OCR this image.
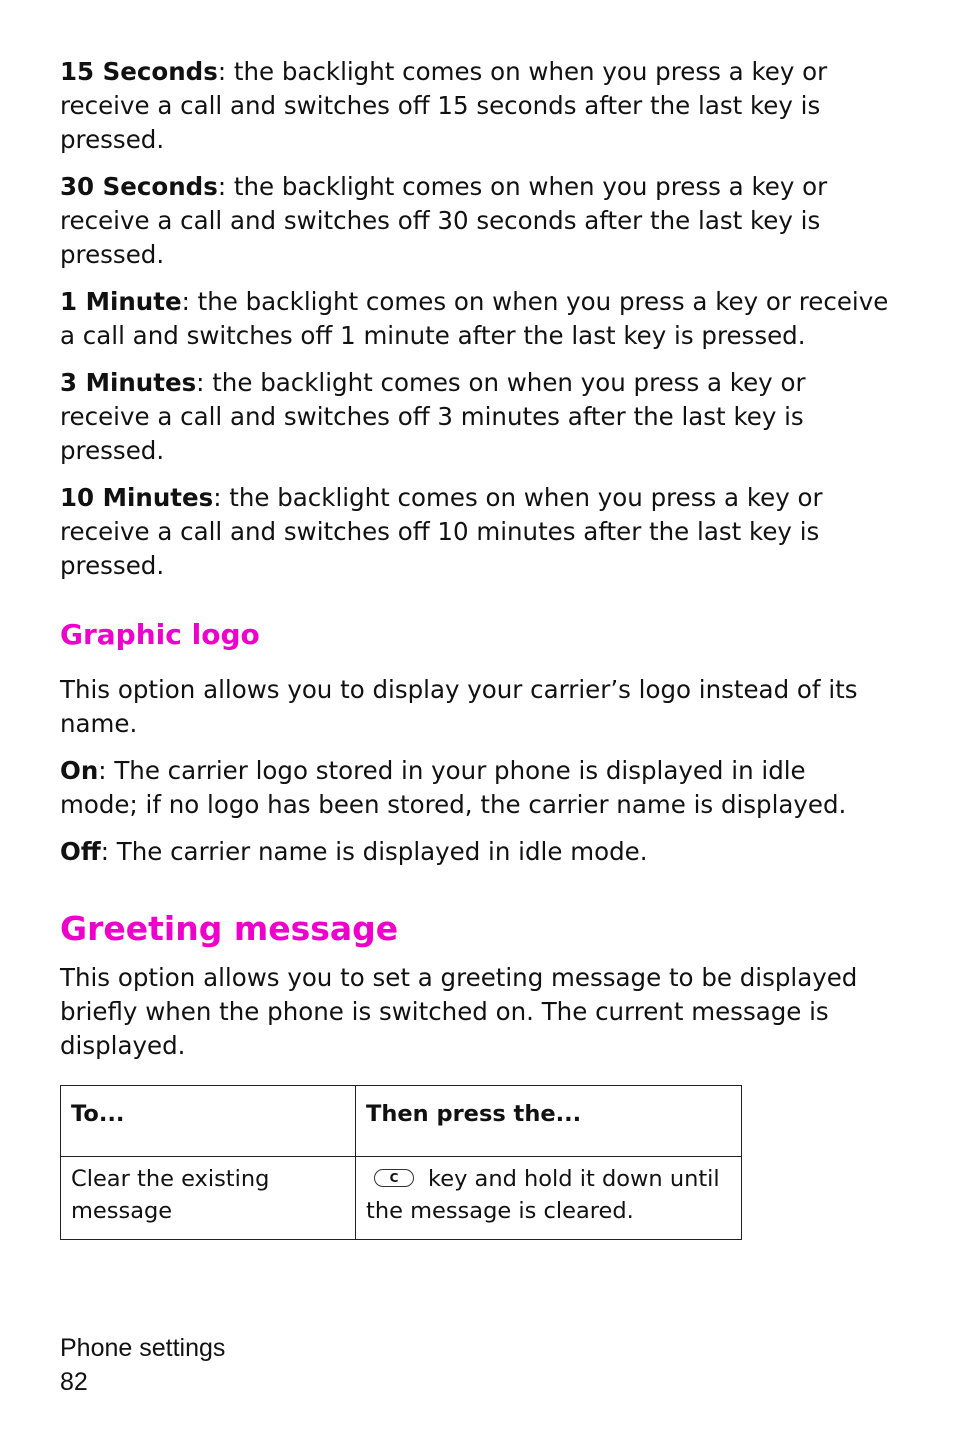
15 Seconds: the backlight comes on when you press a key or receive a call and switches off 15 seconds after the last key is pressed.

30 Seconds: the backlight comes on when you press a key or receive a call and switches off 30 seconds after the last key is pressed.

1 Minute: the backlight comes on when you press a key or receive a call and switches off 1 minute after the last key is pressed.

3 Minutes: the backlight comes on when you press a key or receive a call and switches off 3 minutes after the last key is pressed.

10 Minutes: the backlight comes on when you press a key or receive a call and switches off 10 minutes after the last key is pressed.

Graphic logo

This option allows you to display your carrier’s logo instead of its name.

On: The carrier logo stored in your phone is displayed in idle mode; if no logo has been stored, the carrier name is displayed.

Off: The carrier name is displayed in idle mode.

Greeting message

This option allows you to set a greeting message to be displayed briefly when the phone is switched on. The current message is displayed.

To...	Then press the...
Clear the existing message	C key and hold it down until the message is cleared.
Phone settings
82
